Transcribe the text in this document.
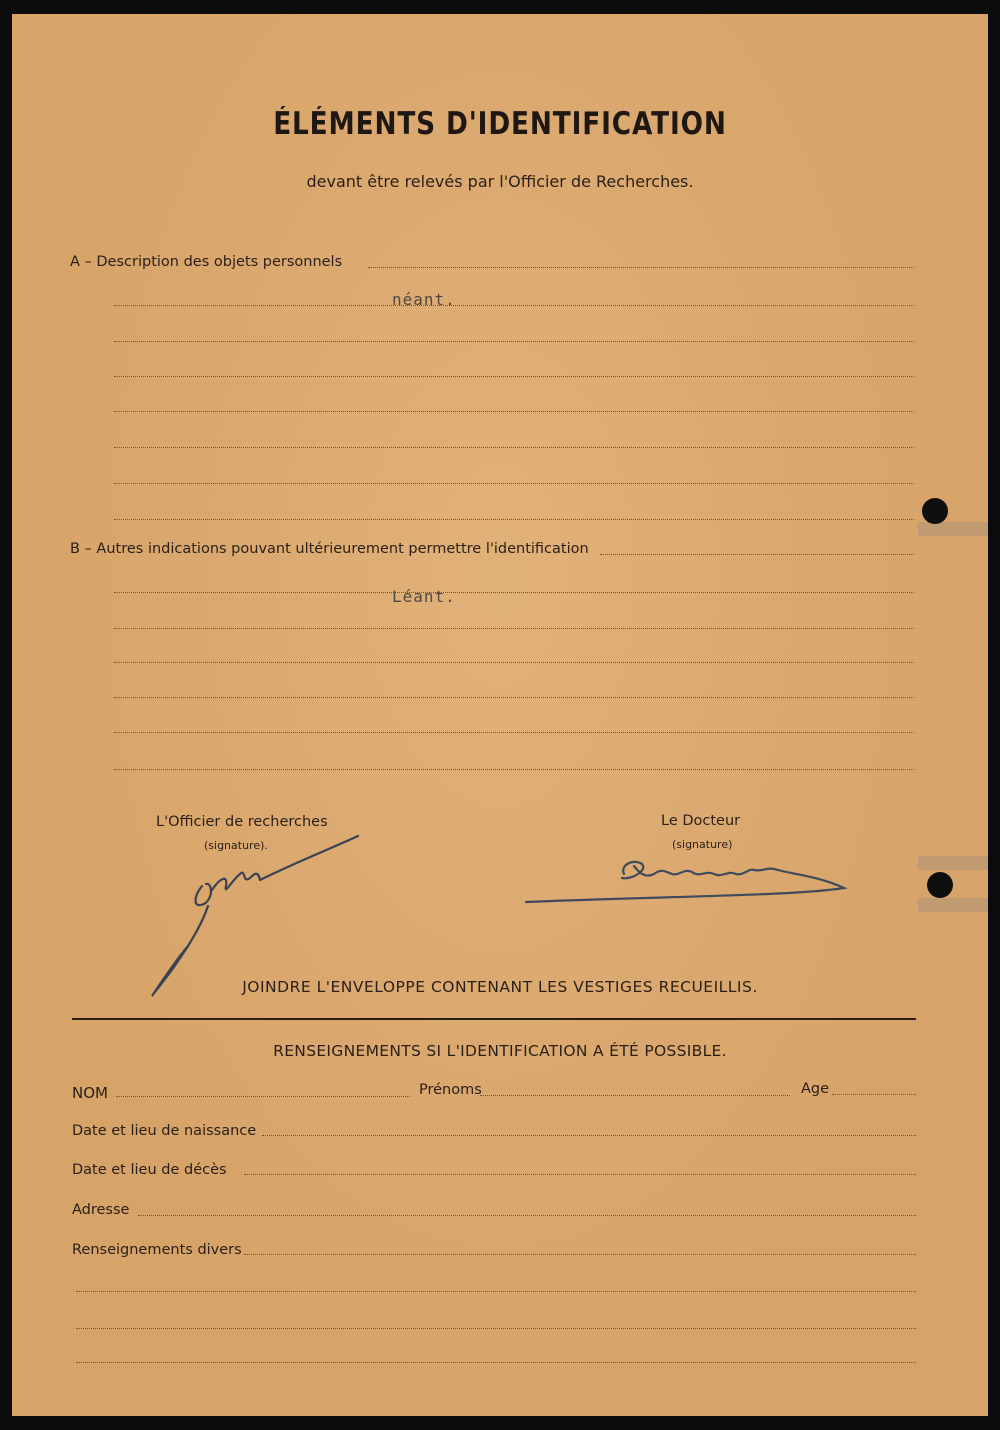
ÉLÉMENTS D'IDENTIFICATION
devant être relevés par l'Officier de Recherches.
A – Description des objets personnels
néant.
B – Autres indications pouvant ultérieurement permettre l'identification
Léant.
L'Officier de recherches
(signature).
Le Docteur
(signature)
JOINDRE L'ENVELOPPE CONTENANT LES VESTIGES RECUEILLIS.
RENSEIGNEMENTS SI L'IDENTIFICATION A ÉTÉ POSSIBLE.
NOM	Prénoms	Age
Date et lieu de naissance
Date et lieu de décès
Adresse
Renseignements divers
